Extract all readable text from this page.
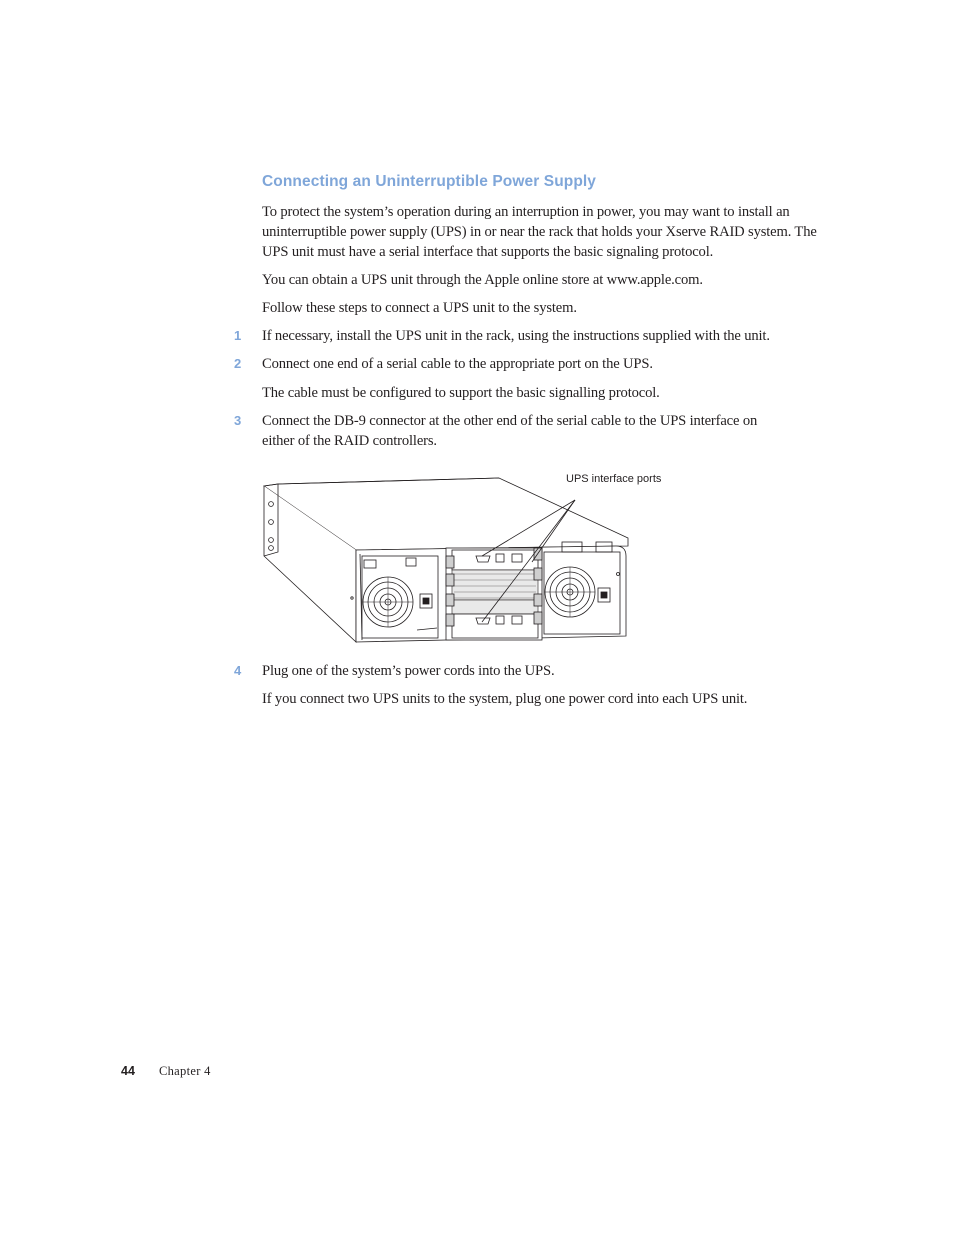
Connecting an Uninterruptible Power Supply
To protect the system’s operation during an interruption in power, you may want to install an uninterruptible power supply (UPS) in or near the rack that holds your Xserve RAID system. The UPS unit must have a serial interface that supports the basic signaling protocol.
You can obtain a UPS unit through the Apple online store at www.apple.com.
Follow these steps to connect a UPS unit to the system.
1 If necessary, install the UPS unit in the rack, using the instructions supplied with the unit.
2 Connect one end of a serial cable to the appropriate port on the UPS.
The cable must be configured to support the basic signalling protocol.
3 Connect the DB-9 connector at the other end of the serial cable to the UPS interface on either of the RAID controllers.
UPS interface ports
4 Plug one of the system’s power cords into the UPS.
If you connect two UPS units to the system, plug one power cord into each UPS unit.
44 Chapter 4
